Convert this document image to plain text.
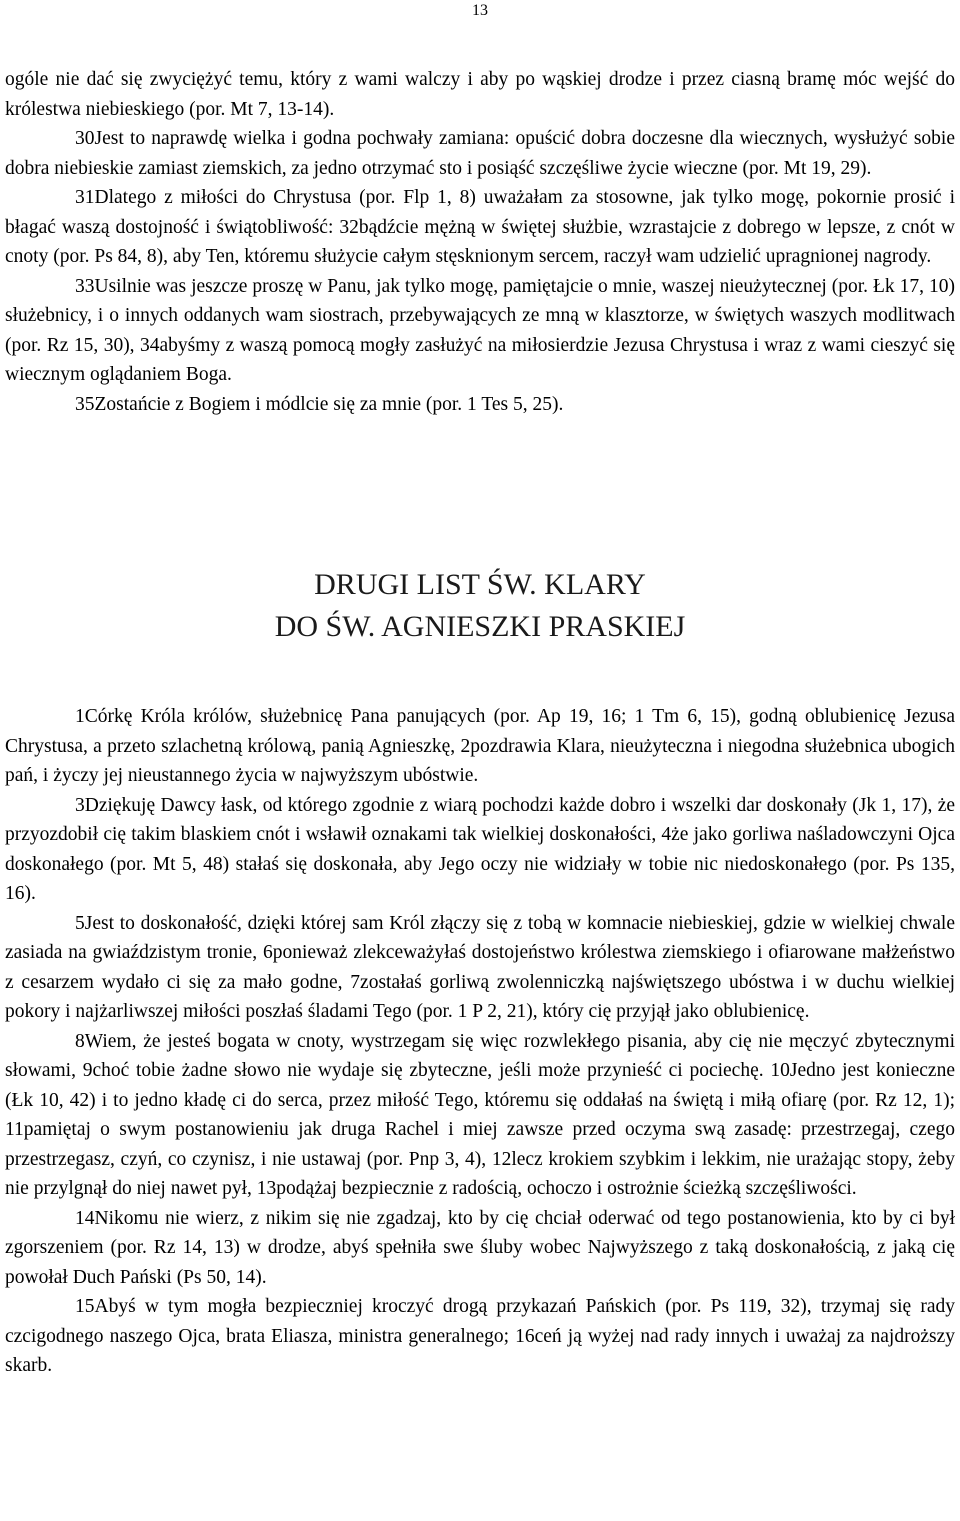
13

ogóle nie dać się zwyciężyć temu, który z wami walczy i aby po wąskiej drodze i przez ciasną bramę móc wejść do królestwa niebieskiego (por. Mt 7, 13-14).

30Jest to naprawdę wielka i godna pochwały zamiana: opuścić dobra doczesne dla wiecznych, wysłużyć sobie dobra niebieskie zamiast ziemskich, za jedno otrzymać sto i posiąść szczęśliwe życie wieczne (por. Mt 19, 29).

31Dlatego z miłości do Chrystusa (por. Flp 1, 8) uważałam za stosowne, jak tylko mogę, pokornie prosić i błagać waszą dostojność i świątobliwość: 32bądźcie mężną w świętej służbie, wzrastajcie z dobrego w lepsze, z cnót w cnoty (por. Ps 84, 8), aby Ten, któremu służycie całym stęsknionym sercem, raczył wam udzielić upragnionej nagrody.

33Usilnie was jeszcze proszę w Panu, jak tylko mogę, pamiętajcie o mnie, waszej nieużytecznej (por. Łk 17, 10) służebnicy, i o innych oddanych wam siostrach, przebywających ze mną w klasztorze, w świętych waszych modlitwach (por. Rz 15, 30), 34abyśmy z waszą pomocą mogły zasłużyć na miłosierdzie Jezusa Chrystusa i wraz z wami cieszyć się wiecznym oglądaniem Boga.

35Zostańcie z Bogiem i módlcie się za mnie (por. 1 Tes 5, 25).

DRUGI LIST ŚW. KLARY
DO ŚW. AGNIESZKI PRASKIEJ

1Córkę Króla królów, służebnicę Pana panujących (por. Ap 19, 16; 1 Tm 6, 15), godną oblubienicę Jezusa Chrystusa, a przeto szlachetną królową, panią Agnieszkę, 2pozdrawia Klara, nieużyteczna i niegodna służebnica ubogich pań, i życzy jej nieustannego życia w najwyższym ubóstwie.

3Dziękuję Dawcy łask, od którego zgodnie z wiarą pochodzi każde dobro i wszelki dar doskonały (Jk 1, 17), że przyozdobił cię takim blaskiem cnót i wsławił oznakami tak wielkiej doskonałości, 4że jako gorliwa naśladowczyni Ojca doskonałego (por. Mt 5, 48) stałaś się doskonała, aby Jego oczy nie widziały w tobie nic niedoskonałego (por. Ps 135, 16).

5Jest to doskonałość, dzięki której sam Król złączy się z tobą w komnacie niebieskiej, gdzie w wielkiej chwale zasiada na gwiaździstym tronie, 6ponieważ zlekceważyłaś dostojeństwo królestwa ziemskiego i ofiarowane małżeństwo z cesarzem wydało ci się za mało godne, 7zostałaś gorliwą zwolenniczką najświętszego ubóstwa i w duchu wielkiej pokory i najżarliwszej miłości poszłaś śladami Tego (por. 1 P 2, 21), który cię przyjął jako oblubienicę.

8Wiem, że jesteś bogata w cnoty, wystrzegam się więc rozwlekłego pisania, aby cię nie męczyć zbytecznymi słowami, 9choć tobie żadne słowo nie wydaje się zbyteczne, jeśli może przynieść ci pociechę. 10Jedno jest konieczne (Łk 10, 42) i to jedno kładę ci do serca, przez miłość Tego, któremu się oddałaś na świętą i miłą ofiarę (por. Rz 12, 1); 11pamiętaj o swym postanowieniu jak druga Rachel i miej zawsze przed oczyma swą zasadę: przestrzegaj, czego przestrzegasz, czyń, co czynisz, i nie ustawaj (por. Pnp 3, 4), 12lecz krokiem szybkim i lekkim, nie urażając stopy, żeby nie przylgnął do niej nawet pył, 13podążaj bezpiecznie z radością, ochoczo i ostrożnie ścieżką szczęśliwości.

14Nikomu nie wierz, z nikim się nie zgadzaj, kto by cię chciał oderwać od tego postanowienia, kto by ci był zgorszeniem (por. Rz 14, 13) w drodze, abyś spełniła swe śluby wobec Najwyższego z taką doskonałością, z jaką cię powołał Duch Pański (Ps 50, 14).

15Abyś w tym mogła bezpieczniej kroczyć drogą przykazań Pańskich (por. Ps 119, 32), trzymaj się rady czcigodnego naszego Ojca, brata Eliasza, ministra generalnego; 16ceń ją wyżej nad rady innych i uważaj za najdroższy skarb.
